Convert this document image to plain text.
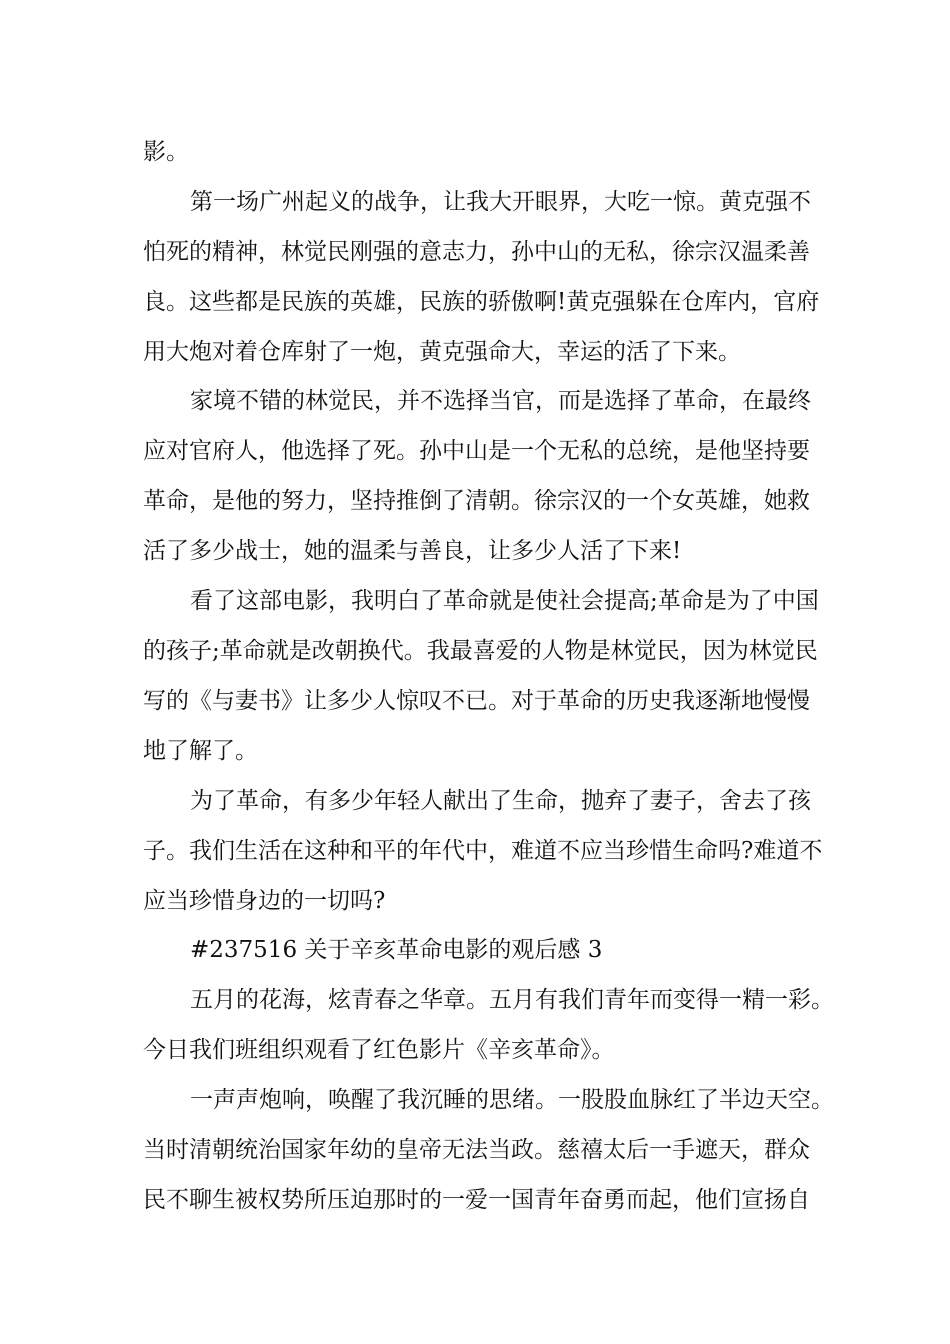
影。
第一场广州起义的战争，让我大开眼界，大吃一惊。黄克强不
怕死的精神，林觉民刚强的意志力，孙中山的无私，徐宗汉温柔善
良。这些都是民族的英雄，民族的骄傲啊!黄克强躲在仓库内，官府
用大炮对着仓库射了一炮，黄克强命大，幸运的活了下来。
家境不错的林觉民，并不选择当官，而是选择了革命，在最终
应对官府人，他选择了死。孙中山是一个无私的总统，是他坚持要
革命，是他的努力，坚持推倒了清朝。徐宗汉的一个女英雄，她救
活了多少战士，她的温柔与善良，让多少人活了下来!
看了这部电影，我明白了革命就是使社会提高;革命是为了中国
的孩子;革命就是改朝换代。我最喜爱的人物是林觉民，因为林觉民
写的《与妻书》让多少人惊叹不已。对于革命的历史我逐渐地慢慢
地了解了。
为了革命，有多少年轻人献出了生命，抛弃了妻子，舍去了孩
子。我们生活在这种和平的年代中，难道不应当珍惜生命吗?难道不
应当珍惜身边的一切吗?
#237516 关于辛亥革命电影的观后感 3
五月的花海，炫青春之华章。五月有我们青年而变得一精一彩。
今日我们班组织观看了红色影片《辛亥革命》。
一声声炮响，唤醒了我沉睡的思绪。一股股血脉红了半边天空。
当时清朝统治国家年幼的皇帝无法当政。慈禧太后一手遮天，群众
民不聊生被权势所压迫那时的一爱一国青年奋勇而起，他们宣扬自
